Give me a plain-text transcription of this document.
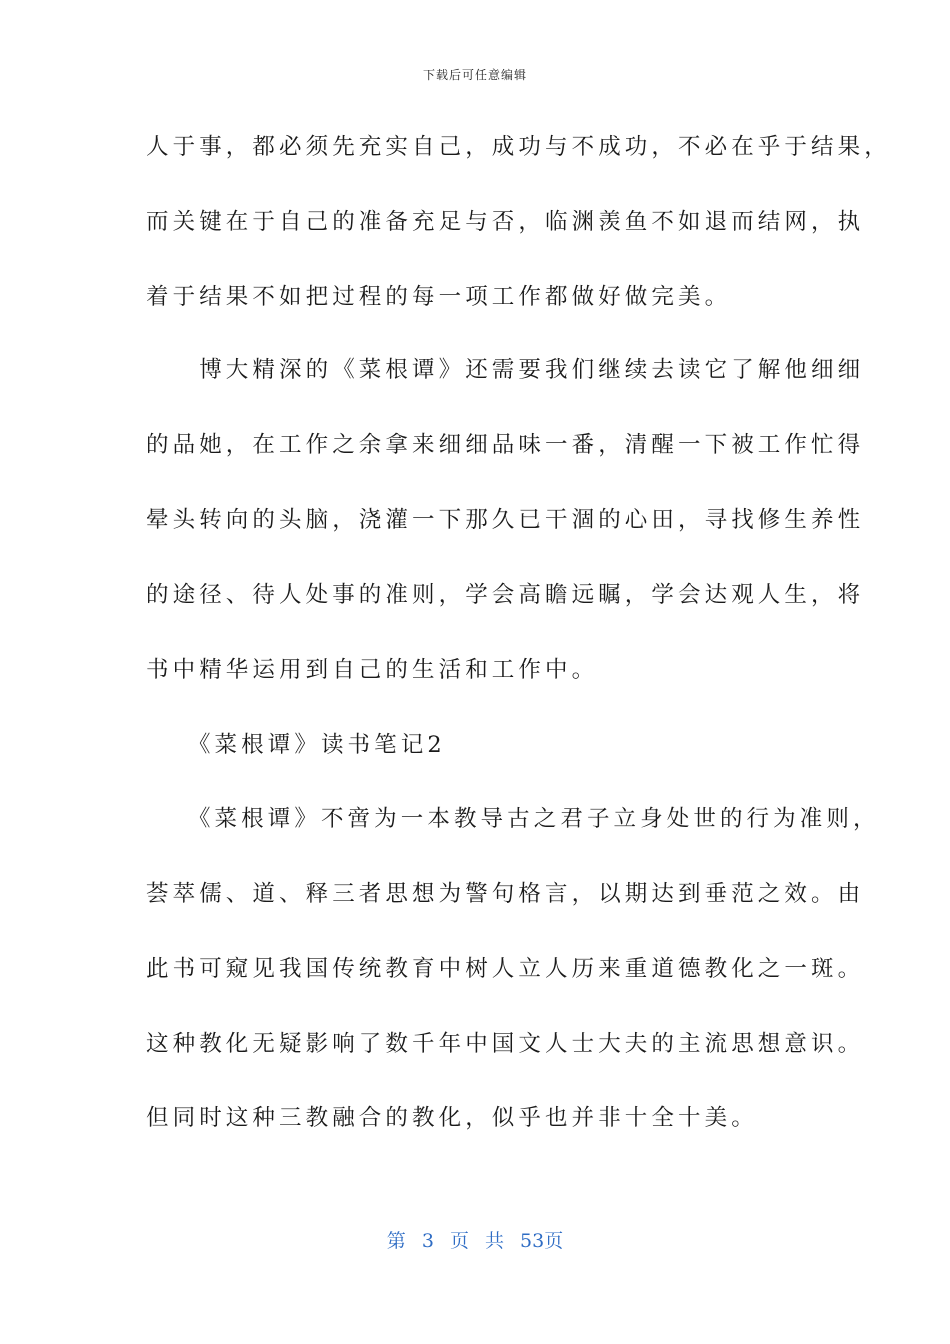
下载后可任意编辑
人于事，都必须先充实自己，成功与不成功，不必在乎于结果，
而关键在于自己的准备充足与否，临渊羡鱼不如退而结网，执
着于结果不如把过程的每一项工作都做好做完美。
　　博大精深的《菜根谭》还需要我们继续去读它了解他细细
的品她，在工作之余拿来细细品味一番，清醒一下被工作忙得
晕头转向的头脑，浇灌一下那久已干涸的心田，寻找修生养性
的途径、待人处事的准则，学会高瞻远瞩，学会达观人生，将
书中精华运用到自己的生活和工作中。
　　《菜根谭》读书笔记2
　　《菜根谭》不啻为一本教导古之君子立身处世的行为准则，
荟萃儒、道、释三者思想为警句格言，以期达到垂范之效。由
此书可窥见我国传统教育中树人立人历来重道德教化之一斑。
这种教化无疑影响了数千年中国文人士大夫的主流思想意识。
但同时这种三教融合的教化，似乎也并非十全十美。
第 3 页 共 53页
